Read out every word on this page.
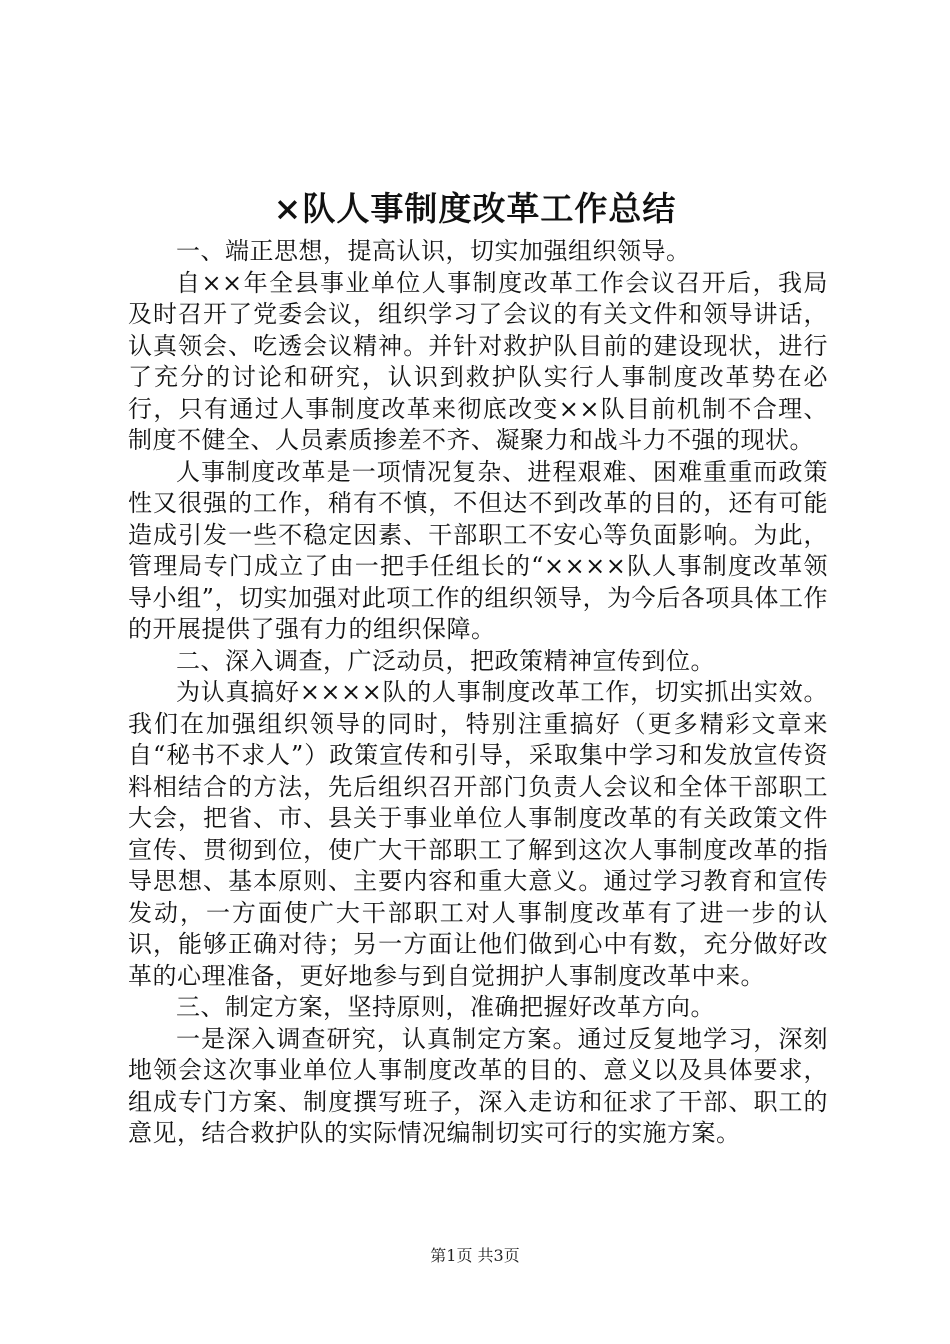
×队人事制度改革工作总结

一、端正思想，提高认识，切实加强组织领导。

自××年全县事业单位人事制度改革工作会议召开后，我局及时召开了党委会议，组织学习了会议的有关文件和领导讲话，认真领会、吃透会议精神。并针对救护队目前的建设现状，进行了充分的讨论和研究，认识到救护队实行人事制度改革势在必行，只有通过人事制度改革来彻底改变××队目前机制不合理、制度不健全、人员素质掺差不齐、凝聚力和战斗力不强的现状。

人事制度改革是一项情况复杂、进程艰难、困难重重而政策性又很强的工作，稍有不慎，不但达不到改革的目的，还有可能造成引发一些不稳定因素、干部职工不安心等负面影响。为此，管理局专门成立了由一把手任组长的“××××队人事制度改革领导小组”，切实加强对此项工作的组织领导，为今后各项具体工作的开展提供了强有力的组织保障。

二、深入调查，广泛动员，把政策精神宣传到位。

为认真搞好××××队的人事制度改革工作，切实抓出实效。我们在加强组织领导的同时，特别注重搞好（更多精彩文章来自“秘书不求人”）政策宣传和引导，采取集中学习和发放宣传资料相结合的方法，先后组织召开部门负责人会议和全体干部职工大会，把省、市、县关于事业单位人事制度改革的有关政策文件宣传、贯彻到位，使广大干部职工了解到这次人事制度改革的指导思想、基本原则、主要内容和重大意义。通过学习教育和宣传发动，一方面使广大干部职工对人事制度改革有了进一步的认识，能够正确对待；另一方面让他们做到心中有数，充分做好改革的心理准备，更好地参与到自觉拥护人事制度改革中来。

三、制定方案，坚持原则，准确把握好改革方向。

一是深入调查研究，认真制定方案。通过反复地学习，深刻地领会这次事业单位人事制度改革的目的、意义以及具体要求，组成专门方案、制度撰写班子，深入走访和征求了干部、职工的意见，结合救护队的实际情况编制切实可行的实施方案。

第1页 共3页
